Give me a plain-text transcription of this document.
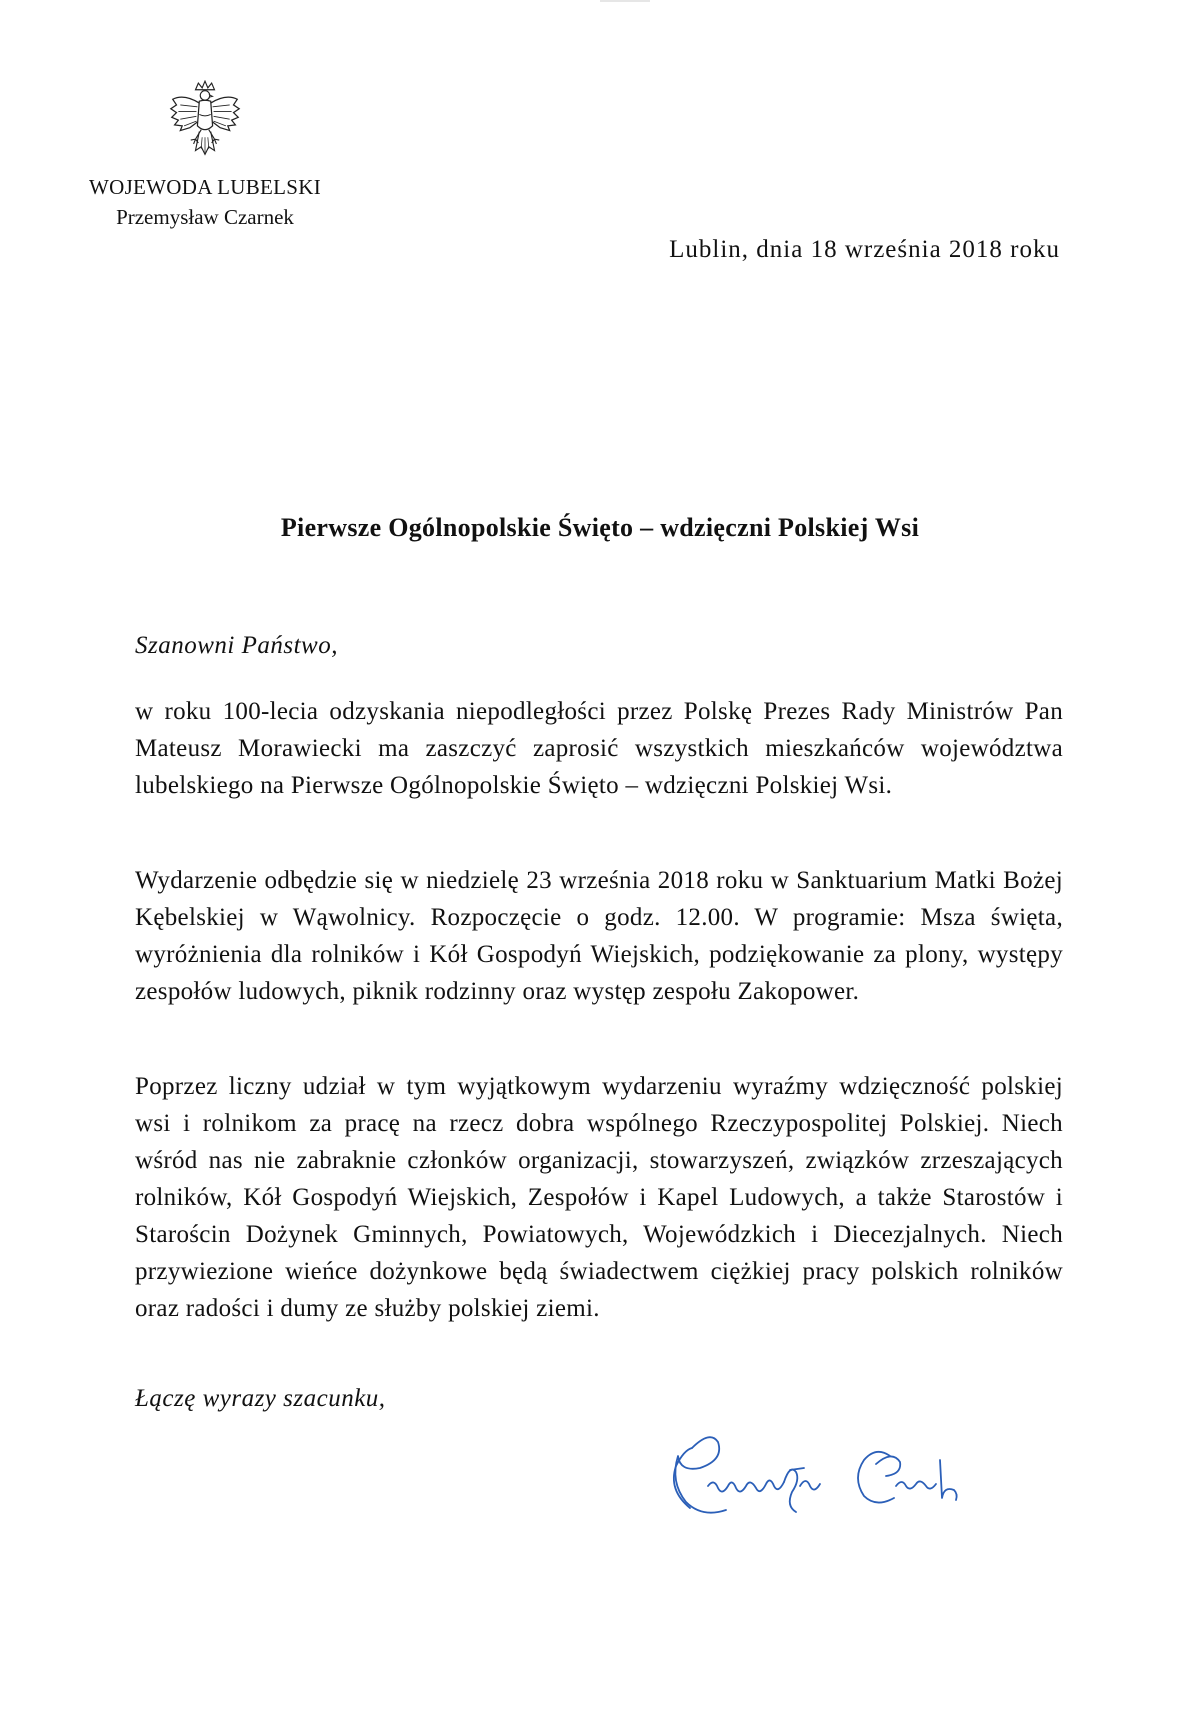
WOJEWODA LUBELSKI
Przemysław Czarnek
Lublin, dnia 18 września 2018 roku
Pierwsze Ogólnopolskie Święto – wdzięczni Polskiej Wsi
Szanowni Państwo,
w roku 100-lecia odzyskania niepodległości przez Polskę Prezes Rady Ministrów Pan Mateusz Morawiecki ma zaszczyć zaprosić wszystkich mieszkańców województwa lubelskiego na Pierwsze Ogólnopolskie Święto – wdzięczni Polskiej Wsi.
Wydarzenie odbędzie się w niedzielę 23 września 2018 roku w Sanktuarium Matki Bożej Kębelskiej w Wąwolnicy. Rozpoczęcie o godz. 12.00. W programie: Msza święta, wyróżnienia dla rolników i Kół Gospodyń Wiejskich, podziękowanie za plony, występy zespołów ludowych, piknik rodzinny oraz występ zespołu Zakopower.
Poprzez liczny udział w tym wyjątkowym wydarzeniu wyraźmy wdzięczność polskiej wsi i rolnikom za pracę na rzecz dobra wspólnego Rzeczypospolitej Polskiej. Niech wśród nas nie zabraknie członków organizacji, stowarzyszeń, związków zrzeszających rolników, Kół Gospodyń Wiejskich, Zespołów i Kapel Ludowych, a także Starostów i Starościn Dożynek Gminnych, Powiatowych, Wojewódzkich i Diecezjalnych. Niech przywiezione wieńce dożynkowe będą świadectwem ciężkiej pracy polskich rolników oraz radości i dumy ze służby polskiej ziemi.
Łączę wyrazy szacunku,
